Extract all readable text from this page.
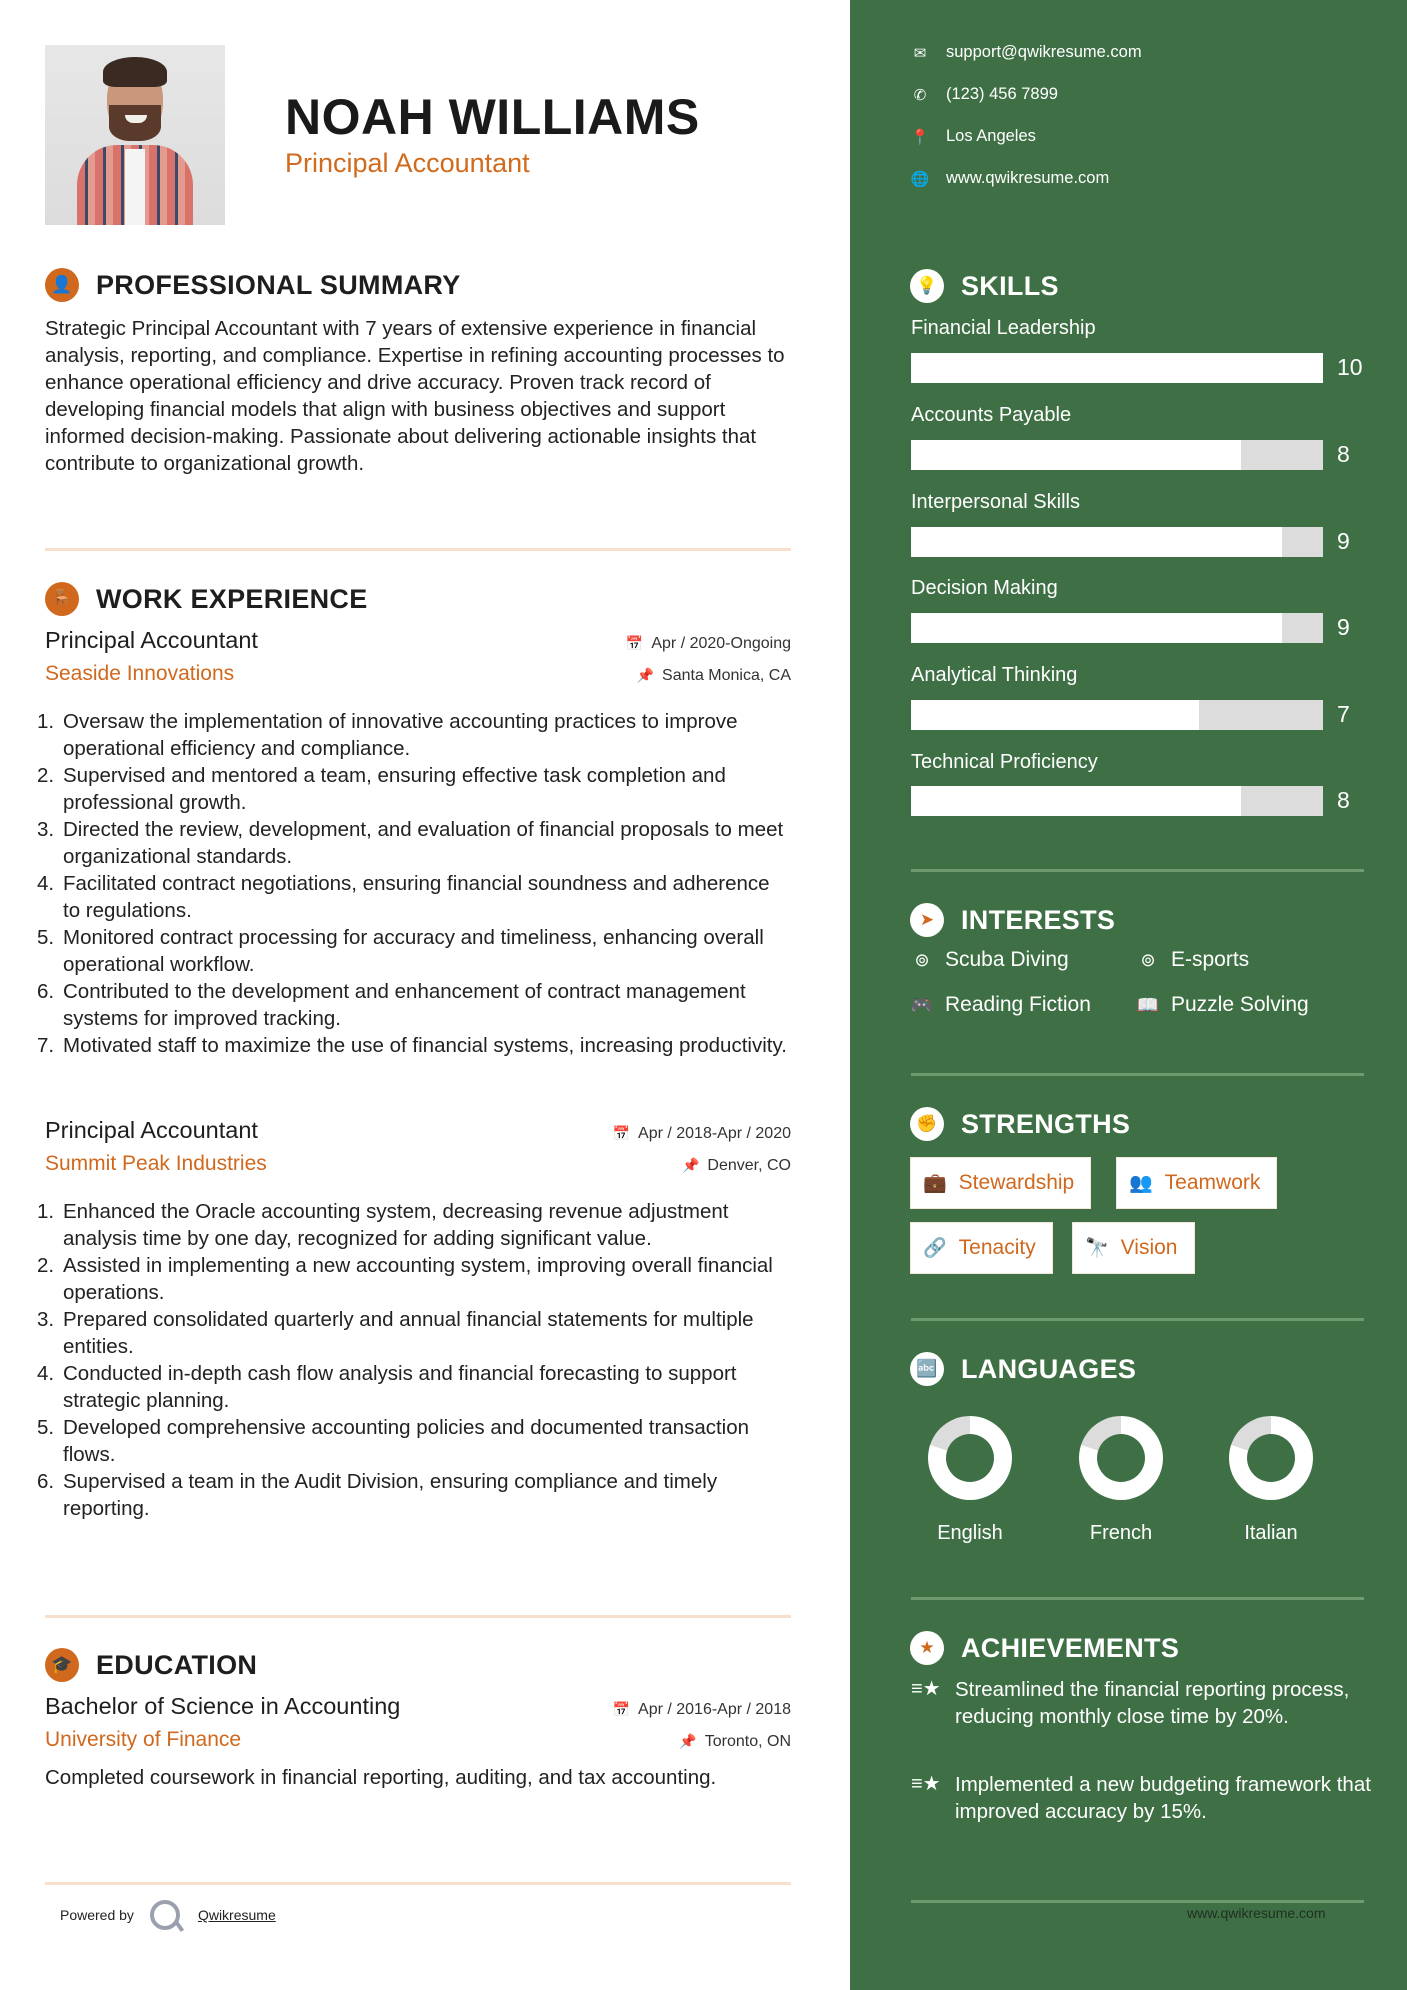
NOAH WILLIAMS
Principal Accountant
👤 PROFESSIONAL SUMMARY

Strategic Principal Accountant with 7 years of extensive experience in financial analysis, reporting, and compliance. Expertise in refining accounting processes to enhance operational efficiency and drive accuracy. Proven track record of developing financial models that align with business objectives and support informed decision-making. Passionate about delivering actionable insights that contribute to organizational growth.

🪑 WORK EXPERIENCE
Principal Accountant	📅 Apr / 2020-Ongoing
Seaside Innovations	📌 Santa Monica, CA
1. Oversaw the implementation of innovative accounting practices to improve operational efficiency and compliance.
2. Supervised and mentored a team, ensuring effective task completion and professional growth.
3. Directed the review, development, and evaluation of financial proposals to meet organizational standards.
4. Facilitated contract negotiations, ensuring financial soundness and adherence to regulations.
5. Monitored contract processing for accuracy and timeliness, enhancing overall operational workflow.
6. Contributed to the development and enhancement of contract management systems for improved tracking.
7. Motivated staff to maximize the use of financial systems, increasing productivity.
Principal Accountant	📅 Apr / 2018-Apr / 2020
Summit Peak Industries	📌 Denver, CO
1. Enhanced the Oracle accounting system, decreasing revenue adjustment analysis time by one day, recognized for adding significant value.
2. Assisted in implementing a new accounting system, improving overall financial operations.
3. Prepared consolidated quarterly and annual financial statements for multiple entities.
4. Conducted in-depth cash flow analysis and financial forecasting to support strategic planning.
5. Developed comprehensive accounting policies and documented transaction flows.
6. Supervised a team in the Audit Division, ensuring compliance and timely reporting.
🎓 EDUCATION
Bachelor of Science in Accounting	📅 Apr / 2016-Apr / 2018
University of Finance	📌 Toronto, ON

Completed coursework in financial reporting, auditing, and tax accounting.

Powered by	Qwikresume
✉ support@qwikresume.com
✆ (123) 456 7899
📍 Los Angeles
🌐 www.qwikresume.com
💡 SKILLS
Financial Leadership
10
Accounts Payable
8
Interpersonal Skills
9
Decision Making
9
Analytical Thinking
7
Technical Proficiency
8
➤ INTERESTS
⊚ Scuba Diving	⊚ E-sports
🎮 Reading Fiction	📖 Puzzle Solving
✊ STRENGTHS
💼 Stewardship	👥 Teamwork
🔗 Tenacity	🔭 Vision
🔤 LANGUAGES
English	French	Italian
★ ACHIEVEMENTS
≡★ Streamlined the financial reporting process, reducing monthly close time by 20%.
≡★ Implemented a new budgeting framework that improved accuracy by 15%.
www.qwikresume.com
